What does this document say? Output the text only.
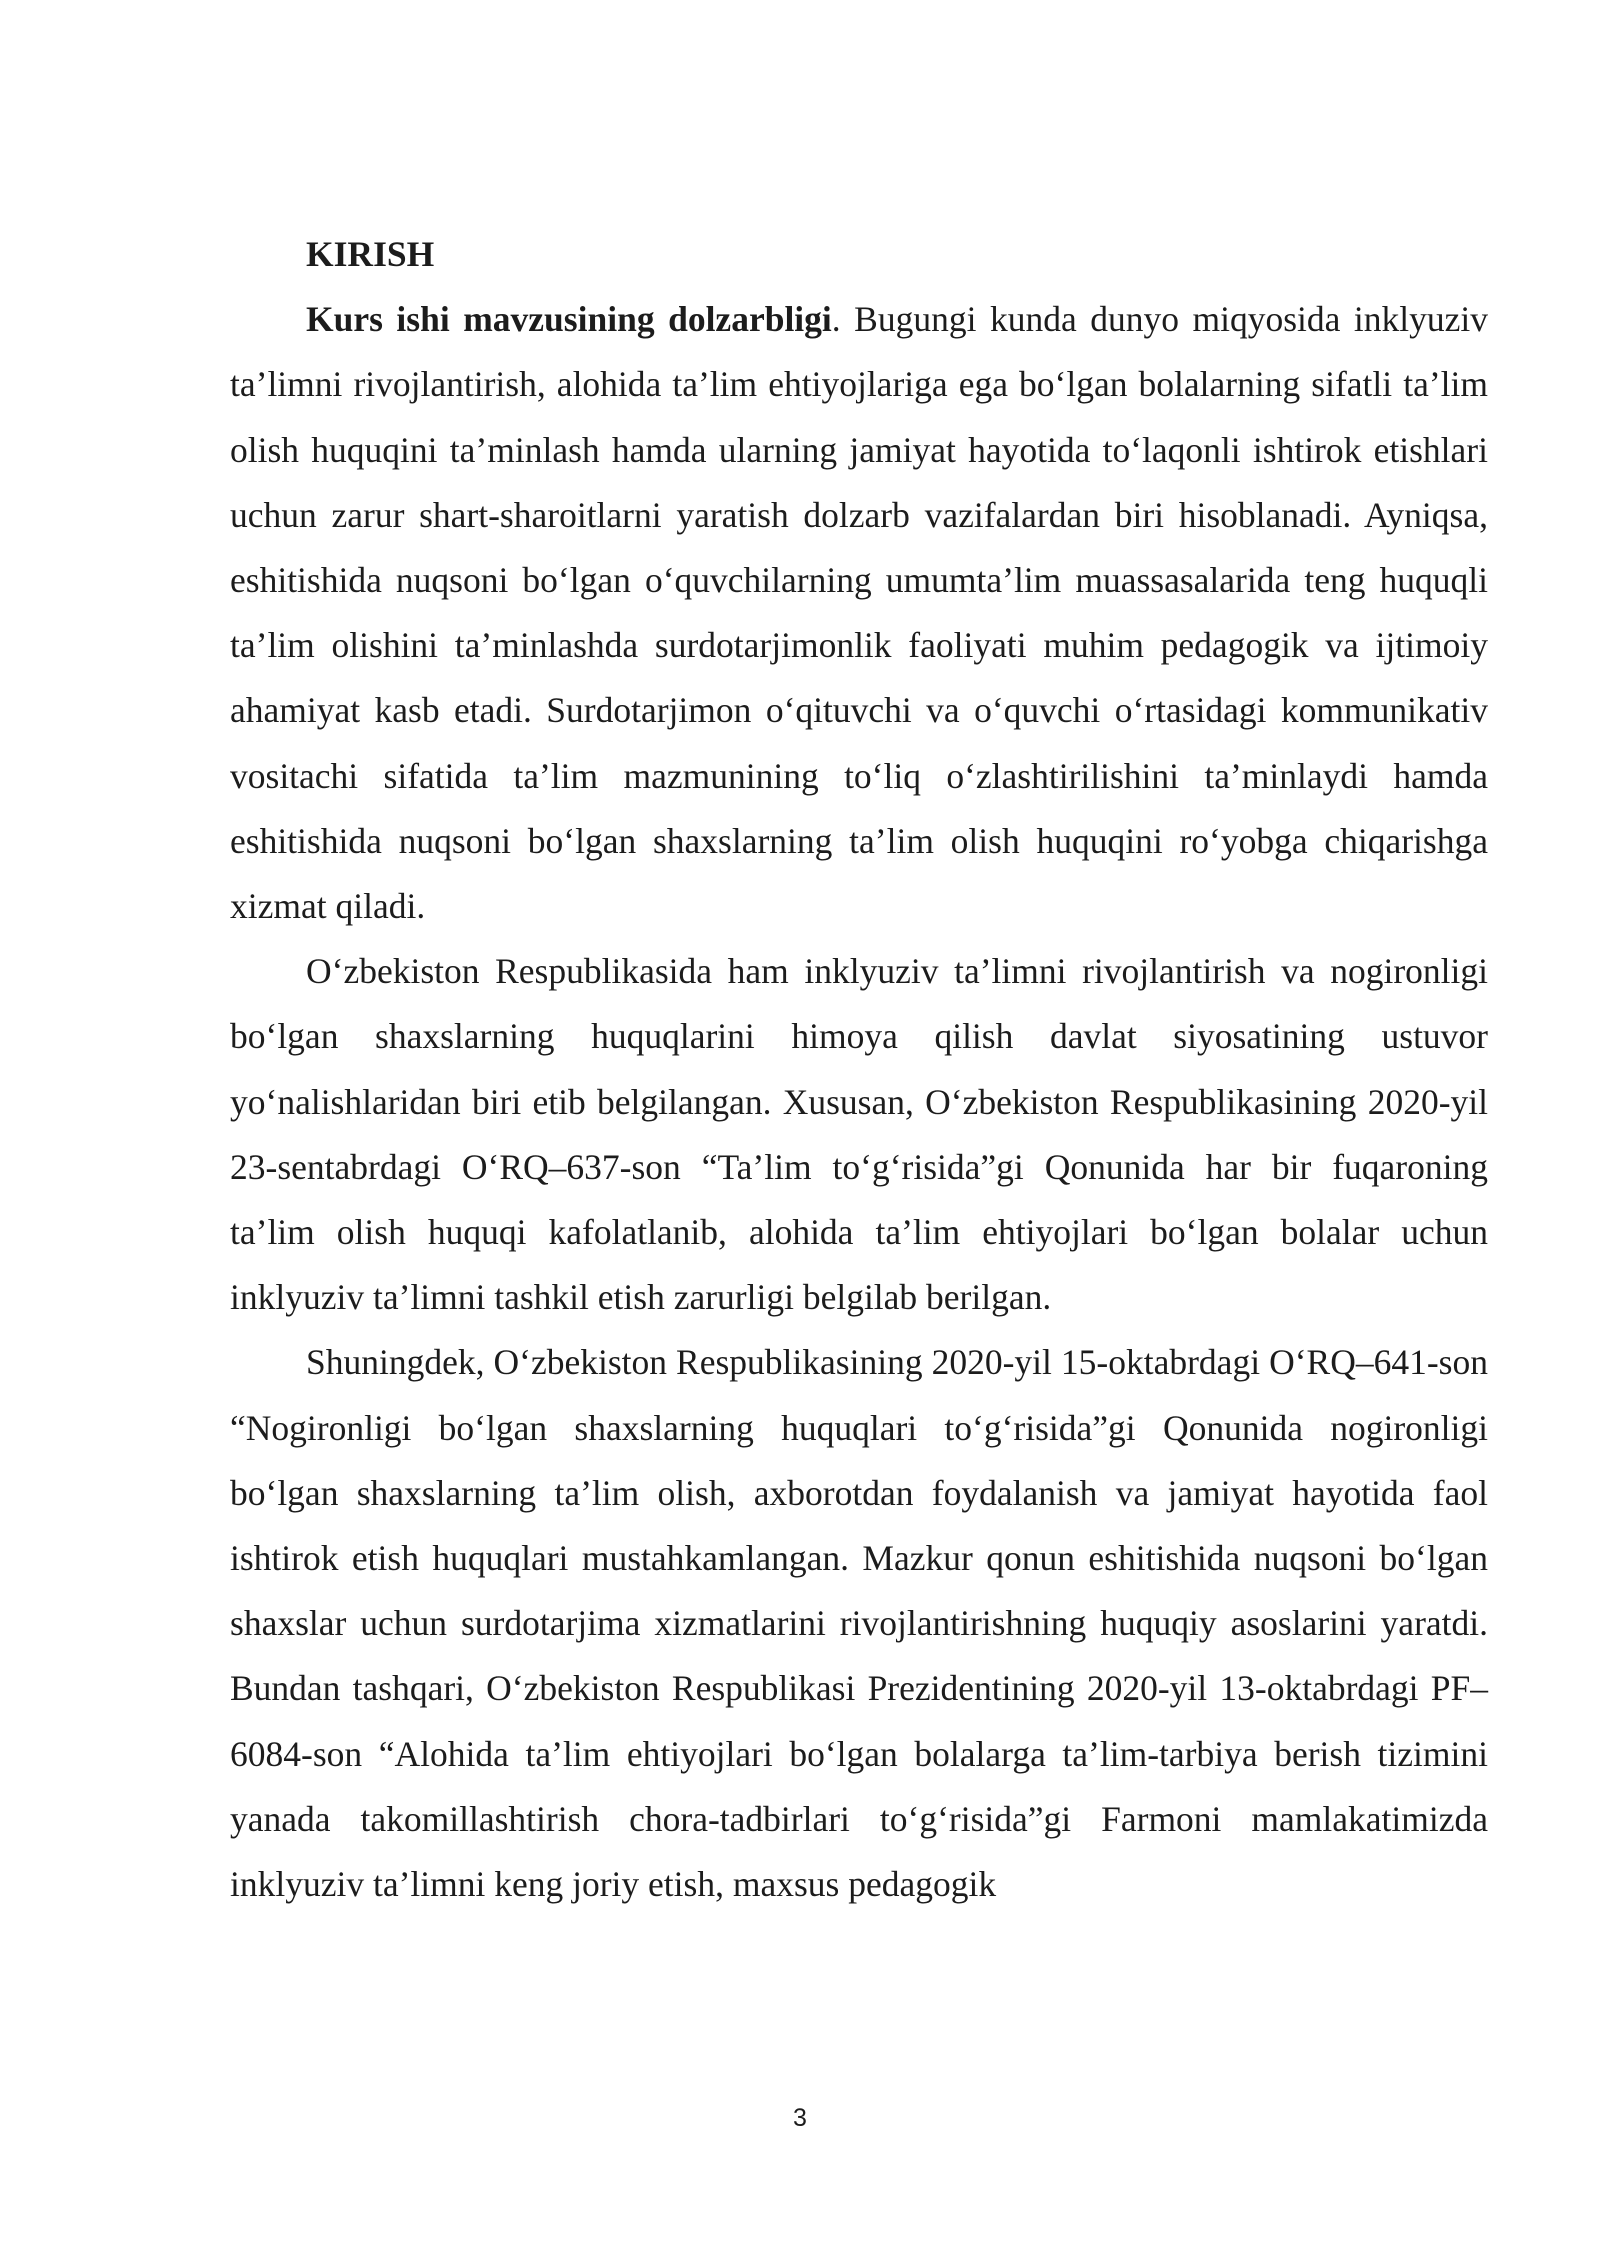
KIRISH

Kurs ishi mavzusining dolzarbligi. Bugungi kunda dunyo miqyosida inklyuziv ta’limni rivojlantirish, alohida ta’lim ehtiyojlariga ega bo‘lgan bolalarning sifatli ta’lim olish huquqini ta’minlash hamda ularning jamiyat hayotida to‘laqonli ishtirok etishlari uchun zarur shart-sharoitlarni yaratish dolzarb vazifalardan biri hisoblanadi. Ayniqsa, eshitishida nuqsoni bo‘lgan o‘quvchilarning umumta’lim muassasalarida teng huquqli ta’lim olishini ta’minlashda surdotarjimonlik faoliyati muhim pedagogik va ijtimoiy ahamiyat kasb etadi. Surdotarjimon o‘qituvchi va o‘quvchi o‘rtasidagi kommunikativ vositachi sifatida ta’lim mazmunining to‘liq o‘zlashtirilishini ta’minlaydi hamda eshitishida nuqsoni bo‘lgan shaxslarning ta’lim olish huquqini ro‘yobga chiqarishga xizmat qiladi.

O‘zbekiston Respublikasida ham inklyuziv ta’limni rivojlantirish va nogironligi bo‘lgan shaxslarning huquqlarini himoya qilish davlat siyosatining ustuvor yo‘nalishlaridan biri etib belgilangan. Xususan, O‘zbekiston Respublikasining 2020-yil 23-sentabrdagi O‘RQ–637-son “Ta’lim to‘g‘risida”gi Qonunida har bir fuqaroning ta’lim olish huquqi kafolatlanib, alohida ta’lim ehtiyojlari bo‘lgan bolalar uchun inklyuziv ta’limni tashkil etish zarurligi belgilab berilgan.

Shuningdek, O‘zbekiston Respublikasining 2020-yil 15-oktabrdagi O‘RQ–641-son “Nogironligi bo‘lgan shaxslarning huquqlari to‘g‘risida”gi Qonunida nogironligi bo‘lgan shaxslarning ta’lim olish, axborotdan foydalanish va jamiyat hayotida faol ishtirok etish huquqlari mustahkamlangan. Mazkur qonun eshitishida nuqsoni bo‘lgan shaxslar uchun surdotarjima xizmatlarini rivojlantirishning huquqiy asoslarini yaratdi. Bundan tashqari, O‘zbekiston Respublikasi Prezidentining 2020-yil 13-oktabrdagi PF–6084-son “Alohida ta’lim ehtiyojlari bo‘lgan bolalarga ta’lim-tarbiya berish tizimini yanada takomillashtirish chora-tadbirlari to‘g‘risida”gi Farmoni mamlakatimizda inklyuziv ta’limni keng joriy etish, maxsus pedagogik

3
